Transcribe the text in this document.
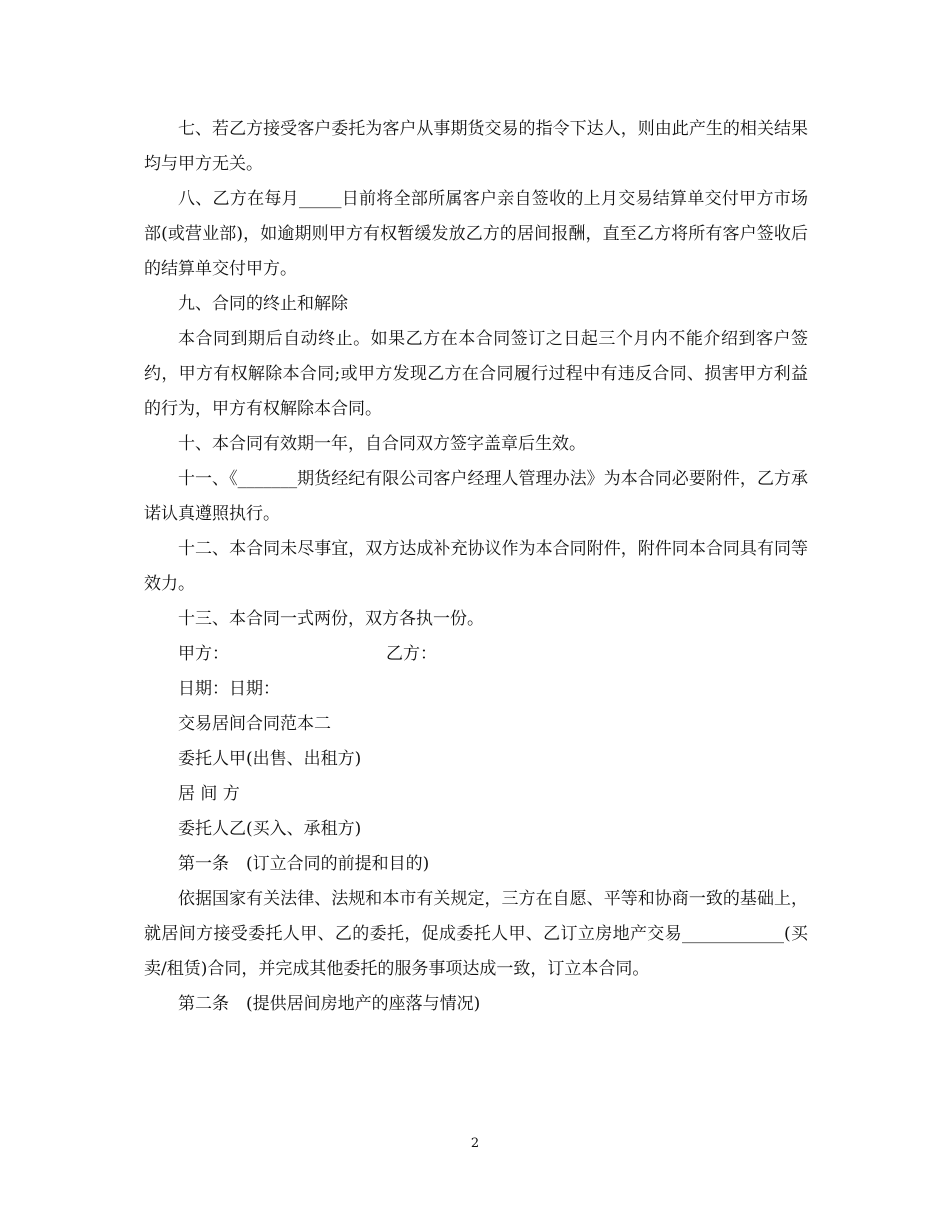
七、若乙方接受客户委托为客户从事期货交易的指令下达人，则由此产生的相关结果均与甲方无关。

八、乙方在每月_____日前将全部所属客户亲自签收的上月交易结算单交付甲方市场部(或营业部)，如逾期则甲方有权暂缓发放乙方的居间报酬，直至乙方将所有客户签收后的结算单交付甲方。

九、合同的终止和解除

本合同到期后自动终止。如果乙方在本合同签订之日起三个月内不能介绍到客户签约，甲方有权解除本合同;或甲方发现乙方在合同履行过程中有违反合同、损害甲方利益的行为，甲方有权解除本合同。

十、本合同有效期一年，自合同双方签字盖章后生效。

十一、《_______期货经纪有限公司客户经理人管理办法》为本合同必要附件，乙方承诺认真遵照执行。

十二、本合同未尽事宜，双方达成补充协议作为本合同附件，附件同本合同具有同等效力。

十三、本合同一式两份，双方各执一份。

甲方：	乙方：

日期：日期：

交易居间合同范本二

委托人甲(出售、出租方)

居 间 方

委托人乙(买入、承租方)

第一条　(订立合同的前提和目的)

依据国家有关法律、法规和本市有关规定，三方在自愿、平等和协商一致的基础上，就居间方接受委托人甲、乙的委托，促成委托人甲、乙订立房地产交易____________(买卖/租赁)合同，并完成其他委托的服务事项达成一致，订立本合同。

第二条　(提供居间房地产的座落与情况)

2
